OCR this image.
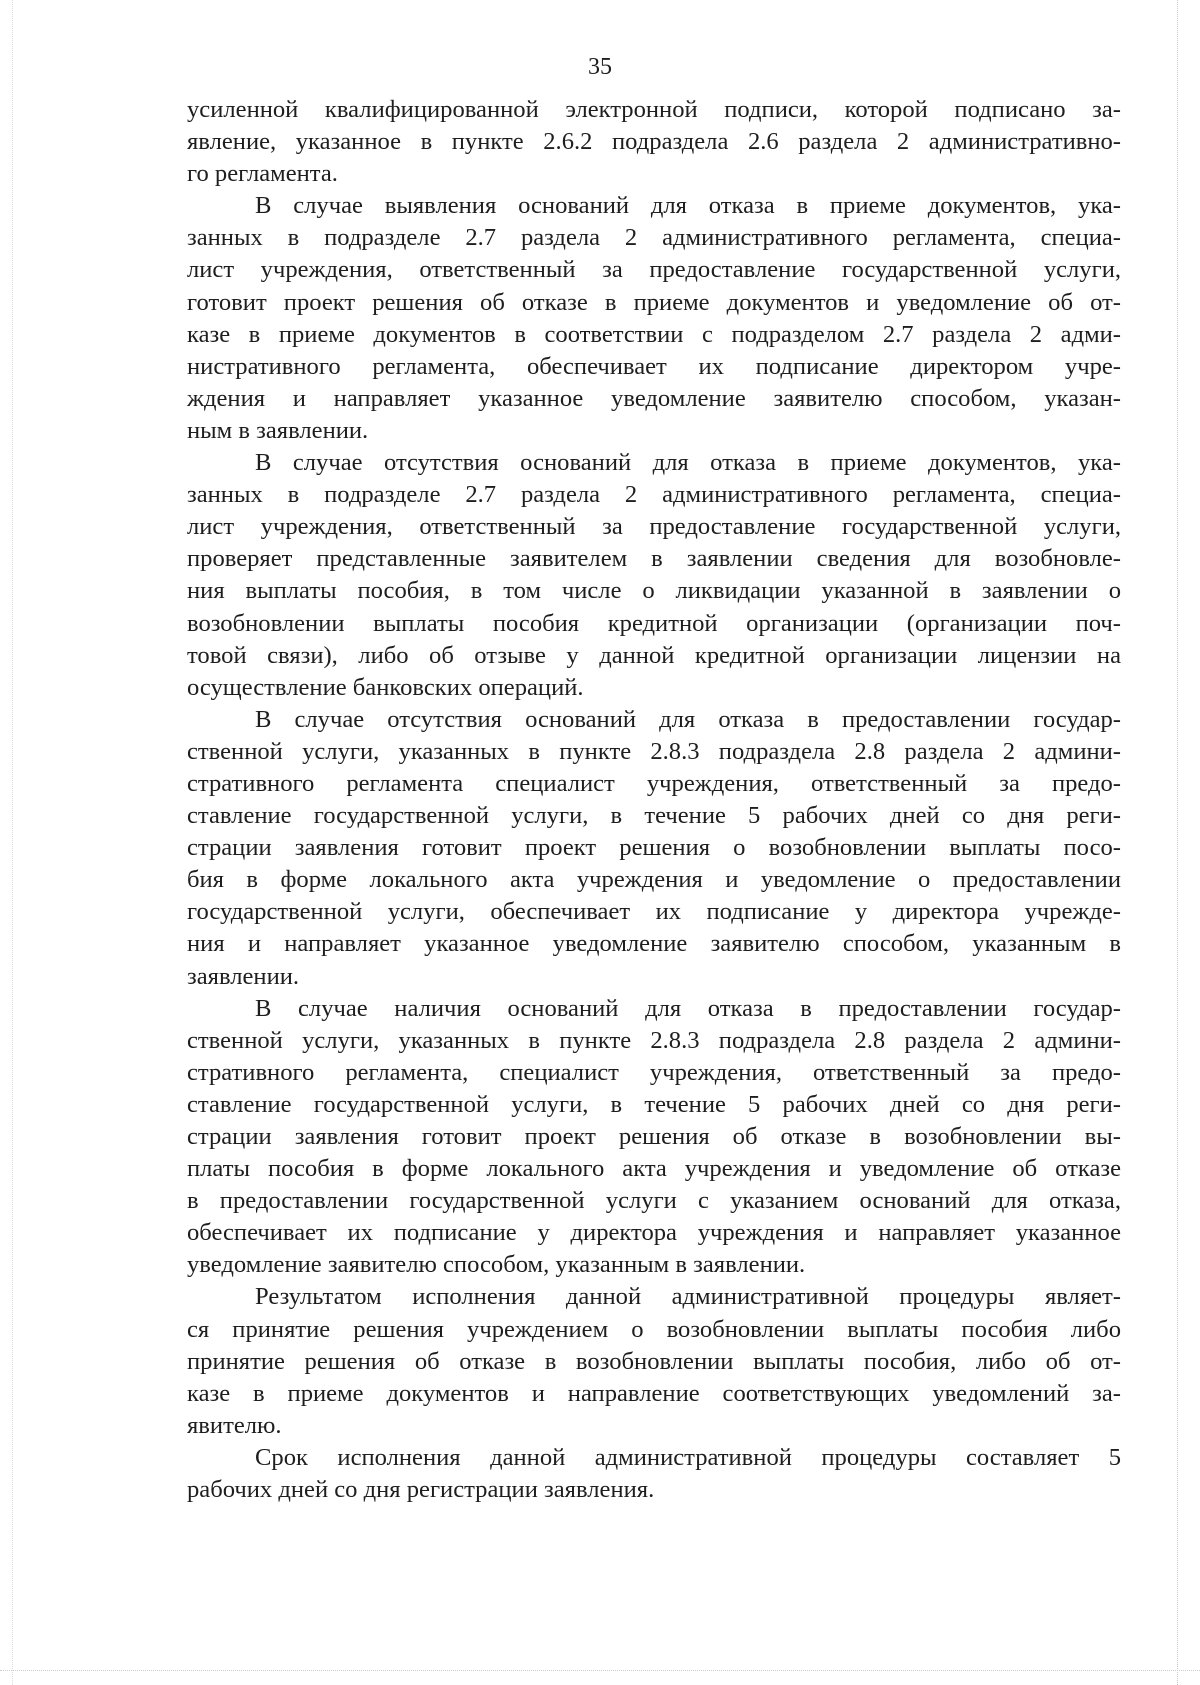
35
усиленной квалифицированной электронной подписи, которой подписано за-
явление, указанное в пункте 2.6.2 подраздела 2.6 раздела 2 административно-
го регламента.
В случае выявления оснований для отказа в приеме документов, ука-
занных в подразделе 2.7 раздела 2 административного регламента, специа-
лист учреждения, ответственный за предоставление государственной услуги,
готовит проект решения об отказе в приеме документов и уведомление об от-
казе в приеме документов в соответствии с подразделом 2.7 раздела 2 адми-
нистративного регламента, обеспечивает их подписание директором учре-
ждения и направляет указанное уведомление заявителю способом, указан-
ным в заявлении.
В случае отсутствия оснований для отказа в приеме документов, ука-
занных в подразделе 2.7 раздела 2 административного регламента, специа-
лист учреждения, ответственный за предоставление государственной услуги,
проверяет представленные заявителем в заявлении сведения для возобновле-
ния выплаты пособия, в том числе о ликвидации указанной в заявлении о
возобновлении выплаты пособия кредитной организации (организации поч-
товой связи), либо об отзыве у данной кредитной организации лицензии на
осуществление банковских операций.
В случае отсутствия оснований для отказа в предоставлении государ-
ственной услуги, указанных в пункте 2.8.3 подраздела 2.8 раздела 2 админи-
стративного регламента специалист учреждения, ответственный за предо-
ставление государственной услуги, в течение 5 рабочих дней со дня реги-
страции заявления готовит проект решения о возобновлении выплаты посо-
бия в форме локального акта учреждения и уведомление о предоставлении
государственной услуги, обеспечивает их подписание у директора учрежде-
ния и направляет указанное уведомление заявителю способом, указанным в
заявлении.
В случае наличия оснований для отказа в предоставлении государ-
ственной услуги, указанных в пункте 2.8.3 подраздела 2.8 раздела 2 админи-
стративного регламента, специалист учреждения, ответственный за предо-
ставление государственной услуги, в течение 5 рабочих дней со дня реги-
страции заявления готовит проект решения об отказе в возобновлении вы-
платы пособия в форме локального акта учреждения и уведомление об отказе
в предоставлении государственной услуги с указанием оснований для отказа,
обеспечивает их подписание у директора учреждения и направляет указанное
уведомление заявителю способом, указанным в заявлении.
Результатом исполнения данной административной процедуры являет-
ся принятие решения учреждением о возобновлении выплаты пособия либо
принятие решения об отказе в возобновлении выплаты пособия, либо об от-
казе в приеме документов и направление соответствующих уведомлений за-
явителю.
Срок исполнения данной административной процедуры составляет 5
рабочих дней со дня регистрации заявления.
